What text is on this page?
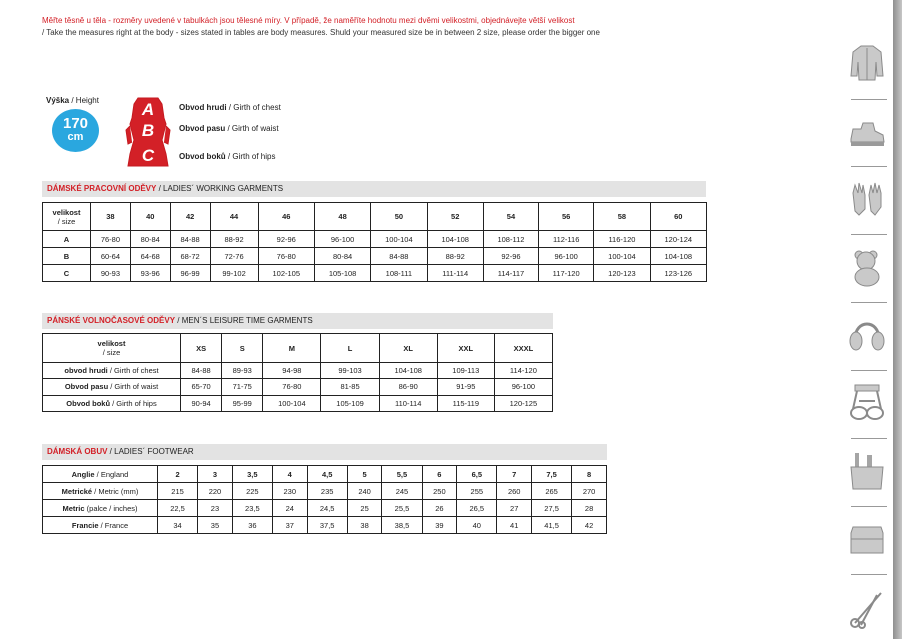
Měřte těsně u těla - rozměry uvedené v tabulkách jsou tělesné míry. V případě, že naměříte hodnotu mezi dvěmi velikostmi, objednávejte větší velikost
/ Take the measures right at the body - sizes stated in tables are body measures. Shuld your measured size be in between 2 size, please order the bigger one
Výška / Height
170
cm
A
B
C
Obvod hrudi / Girth of chest
Obvod pasu / Girth of waist
Obvod boků / Girth of hips
DÁMSKÉ PRACOVNÍ ODĚVY / LADIES´ WORKING GARMENTS
velikost
/ size	38	40	42	44	46	48	50	52	54	56	58	60
A	76-80	80-84	84-88	88-92	92-96	96-100	100-104	104-108	108-112	112-116	116-120	120-124
B	60-64	64-68	68-72	72-76	76-80	80-84	84-88	88-92	92-96	96-100	100-104	104-108
C	90-93	93-96	96-99	99-102	102-105	105-108	108-111	111-114	114-117	117-120	120-123	123-126
PÁNSKÉ VOLNOČASOVÉ ODĚVY / MEN´S LEISURE TIME GARMENTS
velikost
/ size	XS	S	M	L	XL	XXL	XXXL
obvod hrudi / Girth of chest	84-88	89-93	94-98	99-103	104-108	109-113	114-120
Obvod pasu / Girth of waist	65-70	71-75	76-80	81-85	86-90	91-95	96-100
Obvod boků / Girth of hips	90-94	95-99	100-104	105-109	110-114	115-119	120-125
DÁMSKÁ OBUV / LADIES´ FOOTWEAR
Anglie / England	2	3	3,5	4	4,5	5	5,5	6	6,5	7	7,5	8
Metrické / Metric (mm)	215	220	225	230	235	240	245	250	255	260	265	270
Metric (palce / inches)	22,5	23	23,5	24	24,5	25	25,5	26	26,5	27	27,5	28
Francie / France	34	35	36	37	37,5	38	38,5	39	40	41	41,5	42
